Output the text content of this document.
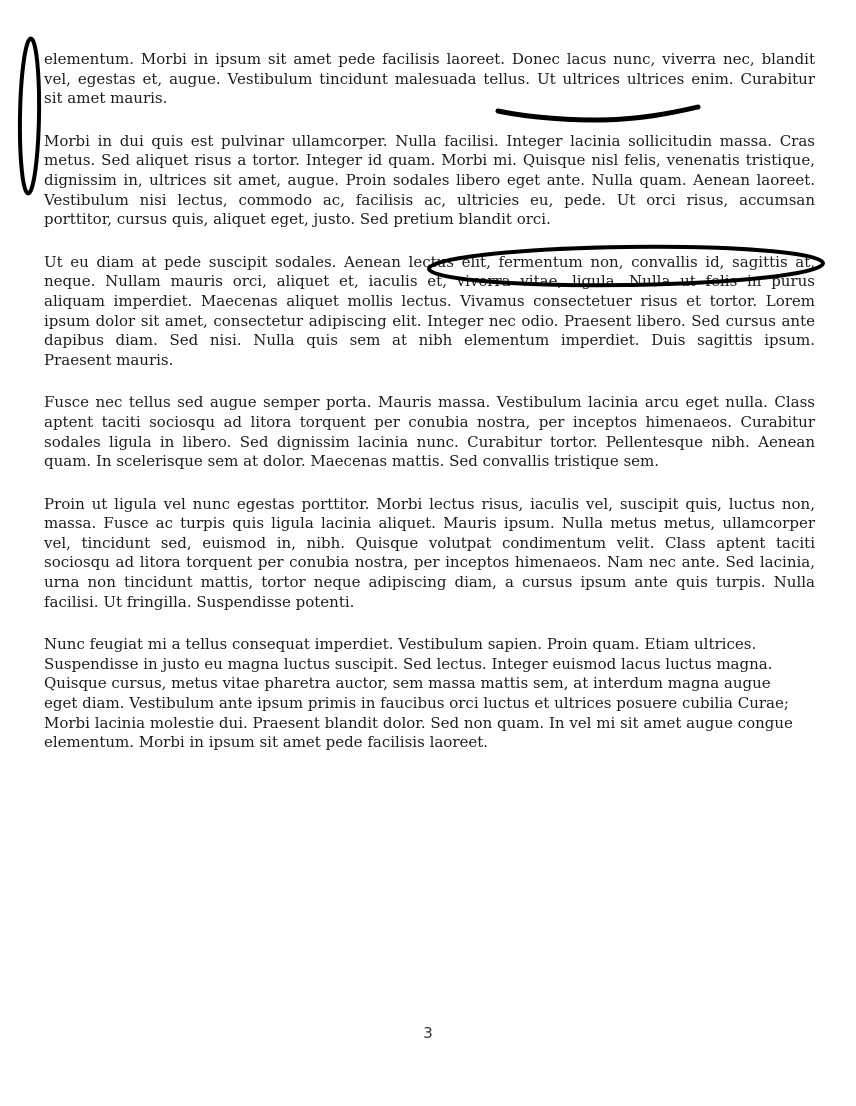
elementum. Morbi in ipsum sit amet pede facilisis laoreet. Donec lacus nunc, viverra nec, blandit
vel, egestas et, augue. Vestibulum tincidunt malesuada tellus. Ut ultrices ultrices enim. Curabitur
sit amet mauris.
Morbi in dui quis est pulvinar ullamcorper. Nulla facilisi. Integer lacinia sollicitudin massa. Cras
metus. Sed aliquet risus a tortor. Integer id quam. Morbi mi. Quisque nisl felis, venenatis tristique,
dignissim in, ultrices sit amet, augue. Proin sodales libero eget ante. Nulla quam. Aenean laoreet.
Vestibulum nisi lectus, commodo ac, facilisis ac, ultricies eu, pede. Ut orci risus, accumsan
porttitor, cursus quis, aliquet eget, justo. Sed pretium blandit orci.
Ut eu diam at pede suscipit sodales. Aenean lectus elit, fermentum non, convallis id, sagittis at,
neque. Nullam mauris orci, aliquet et, iaculis et, viverra vitae, ligula. Nulla ut felis in purus
aliquam imperdiet. Maecenas aliquet mollis lectus. Vivamus consectetuer risus et tortor. Lorem
ipsum dolor sit amet, consectetur adipiscing elit. Integer nec odio. Praesent libero. Sed cursus ante
dapibus diam. Sed nisi. Nulla quis sem at nibh elementum imperdiet. Duis sagittis ipsum.
Praesent mauris.
Fusce nec tellus sed augue semper porta. Mauris massa. Vestibulum lacinia arcu eget nulla. Class
aptent taciti sociosqu ad litora torquent per conubia nostra, per inceptos himenaeos. Curabitur
sodales ligula in libero. Sed dignissim lacinia nunc. Curabitur tortor. Pellentesque nibh. Aenean
quam. In scelerisque sem at dolor. Maecenas mattis. Sed convallis tristique sem.
Proin ut ligula vel nunc egestas porttitor. Morbi lectus risus, iaculis vel, suscipit quis, luctus non,
massa. Fusce ac turpis quis ligula lacinia aliquet. Mauris ipsum. Nulla metus metus, ullamcorper
vel, tincidunt sed, euismod in, nibh. Quisque volutpat condimentum velit. Class aptent taciti
sociosqu ad litora torquent per conubia nostra, per inceptos himenaeos. Nam nec ante. Sed lacinia,
urna non tincidunt mattis, tortor neque adipiscing diam, a cursus ipsum ante quis turpis. Nulla
facilisi. Ut fringilla. Suspendisse potenti.
Nunc feugiat mi a tellus consequat imperdiet. Vestibulum sapien. Proin quam. Etiam ultrices.
Suspendisse in justo eu magna luctus suscipit. Sed lectus. Integer euismod lacus luctus magna.
Quisque cursus, metus vitae pharetra auctor, sem massa mattis sem, at interdum magna augue
eget diam. Vestibulum ante ipsum primis in faucibus orci luctus et ultrices posuere cubilia Curae;
Morbi lacinia molestie dui. Praesent blandit dolor. Sed non quam. In vel mi sit amet augue congue
elementum. Morbi in ipsum sit amet pede facilisis laoreet.
3
